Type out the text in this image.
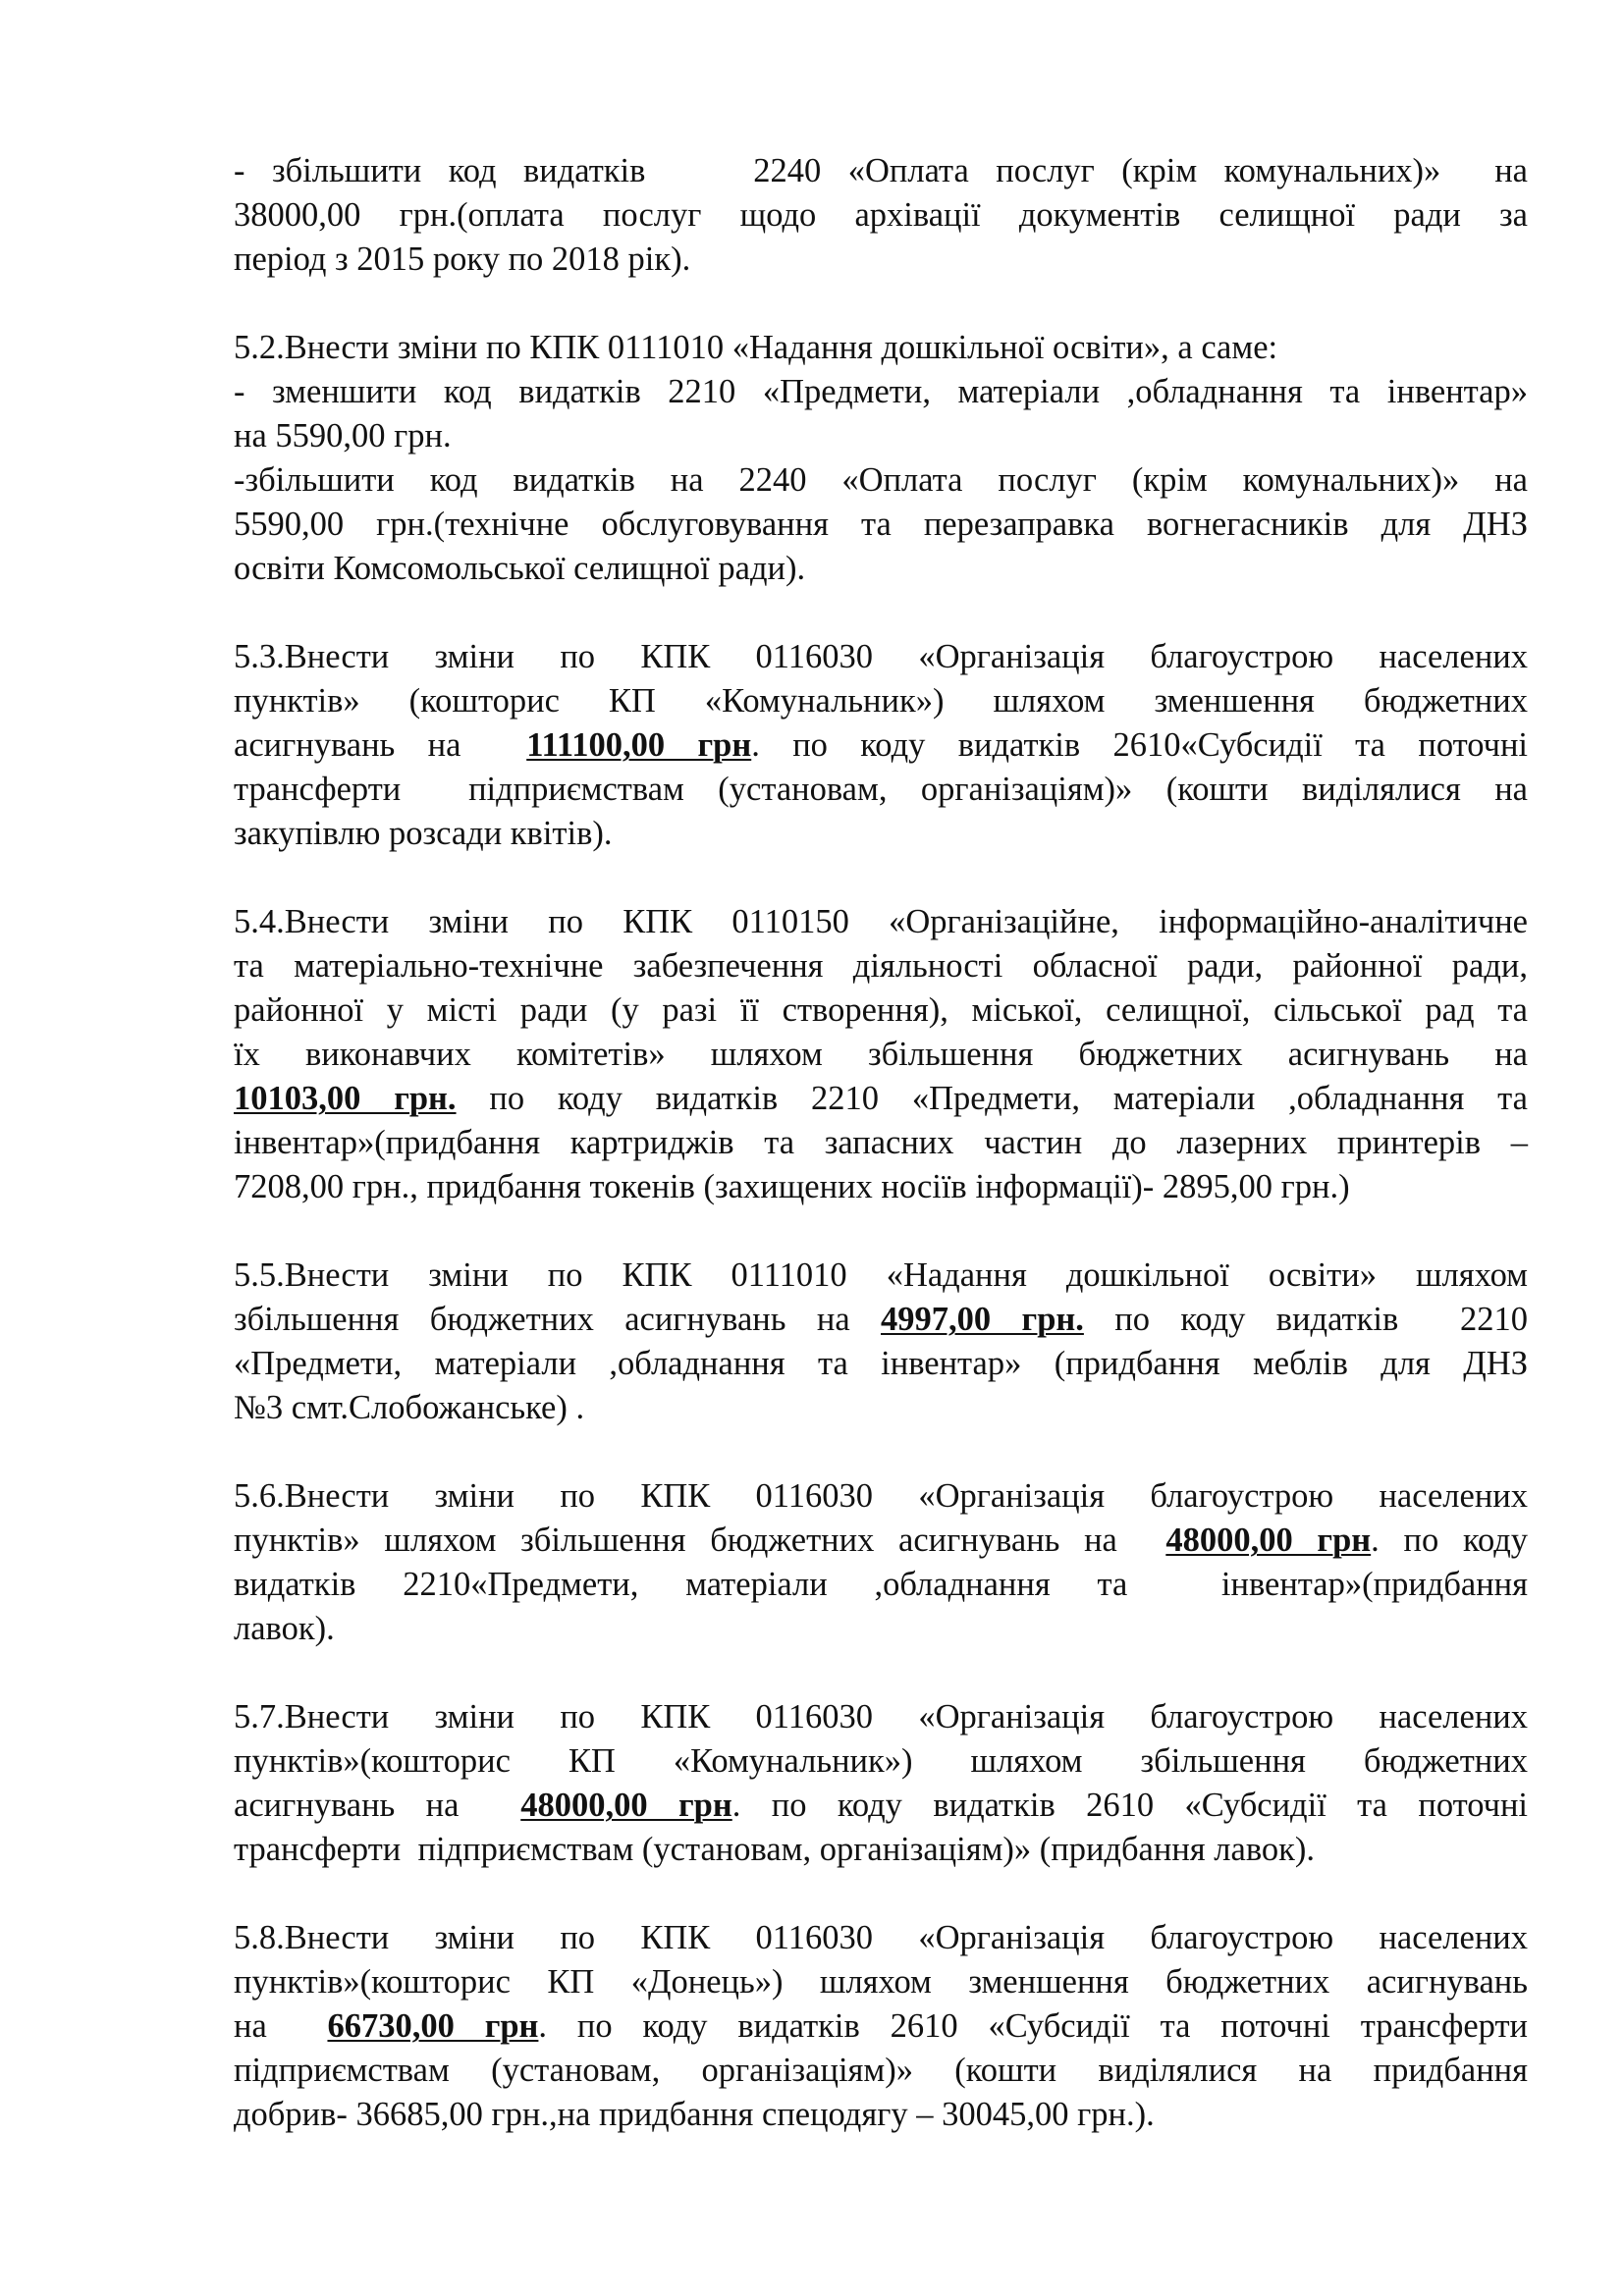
- збільшити код видатків    2240 «Оплата послуг (крім комунальних)»  на
38000,00 грн.(оплата послуг щодо архівації документів селищної ради за
період з 2015 року по 2018 рік).
5.2.Внести зміни по КПК 0111010 «Надання дошкільної освіти», а саме:
- зменшити код видатків 2210 «Предмети, матеріали ,обладнання та інвентар»
на 5590,00 грн.
-збільшити код видатків на 2240 «Оплата послуг (крім комунальних)» на
5590,00 грн.(технічне обслуговування та перезаправка вогнегасників для ДНЗ
освіти Комсомольської селищної ради).
5.3.Внести зміни по КПК 0116030 «Організація благоустрою населених
пунктів» (кошторис КП «Комунальник») шляхом зменшення бюджетних
асигнувань на  111100,00 грн. по коду видатків 2610«Субсидії та поточні
трансферти  підприємствам (установам, організаціям)» (кошти виділялися на
закупівлю розсади квітів).
5.4.Внести зміни по КПК 0110150 «Організаційне, інформаційно-аналітичне
та матеріально-технічне забезпечення діяльності обласної ради, районної ради,
районної у місті ради (у разі її створення), міської, селищної, сільської рад та
їх виконавчих комітетів» шляхом збільшення бюджетних асигнувань на
10103,00 грн. по коду видатків 2210 «Предмети, матеріали ,обладнання та
інвентар»(придбання картриджів та запасних частин до лазерних принтерів –
7208,00 грн., придбання токенів (захищених носіїв інформації)- 2895,00 грн.)
5.5.Внести зміни по КПК 0111010 «Надання дошкільної освіти» шляхом
збільшення бюджетних асигнувань на 4997,00 грн. по коду видатків  2210
«Предмети, матеріали ,обладнання та інвентар» (придбання меблів для ДНЗ
№3 смт.Слобожанське) .
5.6.Внести зміни по КПК 0116030 «Організація благоустрою населених
пунктів» шляхом збільшення бюджетних асигнувань на  48000,00 грн. по коду
видатків 2210«Предмети, матеріали ,обладнання та  інвентар»(придбання
лавок).
5.7.Внести зміни по КПК 0116030 «Організація благоустрою населених
пунктів»(кошторис КП «Комунальник») шляхом збільшення бюджетних
асигнувань на  48000,00 грн. по коду видатків 2610 «Субсидії та поточні
трансферти  підприємствам (установам, організаціям)» (придбання лавок).
5.8.Внести зміни по КПК 0116030 «Організація благоустрою населених
пунктів»(кошторис КП «Донець») шляхом зменшення бюджетних асигнувань
на  66730,00 грн. по коду видатків 2610 «Субсидії та поточні трансферти
підприємствам (установам, організаціям)» (кошти виділялися на придбання
добрив- 36685,00 грн.,на придбання спецодягу – 30045,00 грн.).
